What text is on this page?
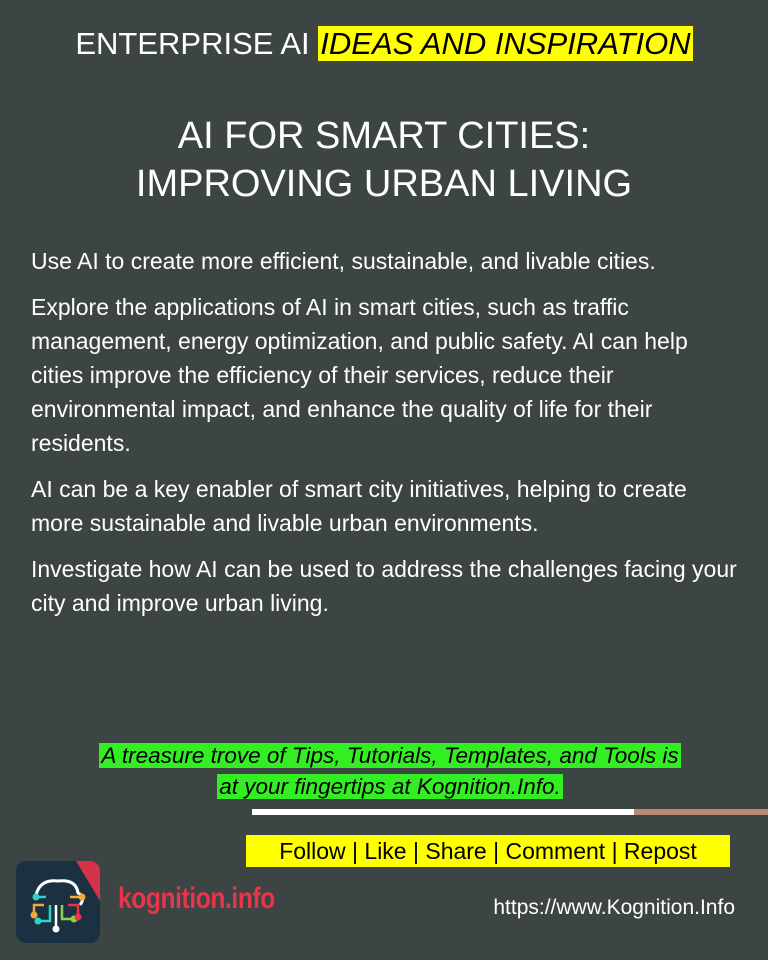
ENTERPRISE AI IDEAS AND INSPIRATION
AI FOR SMART CITIES:
IMPROVING URBAN LIVING

Use AI to create more efficient, sustainable, and livable cities.

Explore the applications of AI in smart cities, such as traffic management, energy optimization, and public safety. AI can help cities improve the efficiency of their services, reduce their environmental impact, and enhance the quality of life for their residents.

AI can be a key enabler of smart city initiatives, helping to create more sustainable and livable urban environments.

Investigate how AI can be used to address the challenges facing your city and improve urban living.

A treasure trove of Tips, Tutorials, Templates, and Tools is
at your fingertips at Kognition.Info.
Follow | Like | Share | Comment | Repost
kognition.info	https://www.Kognition.Info
